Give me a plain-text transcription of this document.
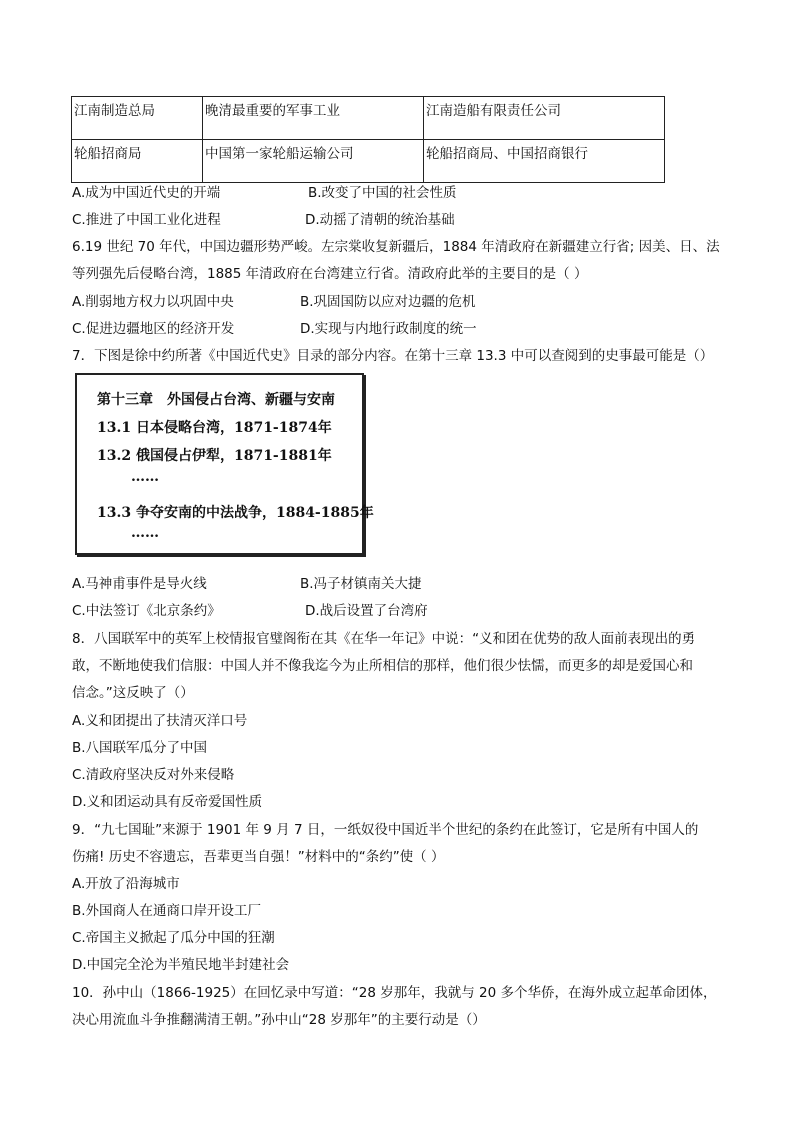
江南制造总局	晚清最重要的军事工业	江南造船有限责任公司
轮船招商局	中国第一家轮船运输公司	轮船招商局、中国招商银行
A.成为中国近代史的开端	B.改变了中国的社会性质
C.推进了中国工业化进程	D.动摇了清朝的统治基础
6.19 世纪 70 年代，中国边疆形势严峻。左宗棠收复新疆后，1884 年清政府在新疆建立行省; 因美、日、法
等列强先后侵略台湾，1885 年清政府在台湾建立行省。清政府此举的主要目的是（ ）
A.削弱地方权力以巩固中央	B.巩固国防以应对边疆的危机
C.促进边疆地区的经济开发	D.实现与内地行政制度的统一
7．下图是徐中约所著《中国近代史》目录的部分内容。在第十三章 13.3 中可以查阅到的史事最可能是（）
第十三章　外国侵占台湾、新疆与安南
13.1 日本侵略台湾，1871-1874年
13.2 俄国侵占伊犁，1871-1881年
……
13.3 争夺安南的中法战争，1884-1885年
……
A.马神甫事件是导火线	B.冯子材镇南关大捷
C.中法签订《北京条约》	D.战后设置了台湾府
8．八国联军中的英军上校情报官璧阁衔在其《在华一年记》中说：“义和团在优势的敌人面前表现出的勇
敢，不断地使我们信服：中国人并不像我迄今为止所相信的那样，他们很少怯懦，而更多的却是爱国心和
信念。”这反映了（）
A.义和团提出了扶清灭洋口号
B.八国联军瓜分了中国
C.清政府坚决反对外来侵略
D.义和团运动具有反帝爱国性质
9．“九七国耻”来源于 1901 年 9 月 7 日，一纸奴役中国近半个世纪的条约在此签订，它是所有中国人的
伤痛! 历史不容遗忘，吾辈更当自强！”材料中的“条约”使（ ）
A.开放了沿海城市
B.外国商人在通商口岸开设工厂
C.帝国主义掀起了瓜分中国的狂潮
D.中国完全沦为半殖民地半封建社会
10．孙中山（1866-1925）在回忆录中写道：“28 岁那年，我就与 20 多个华侨，在海外成立起革命团体，
决心用流血斗争推翻满清王朝。”孙中山“28 岁那年”的主要行动是（）
